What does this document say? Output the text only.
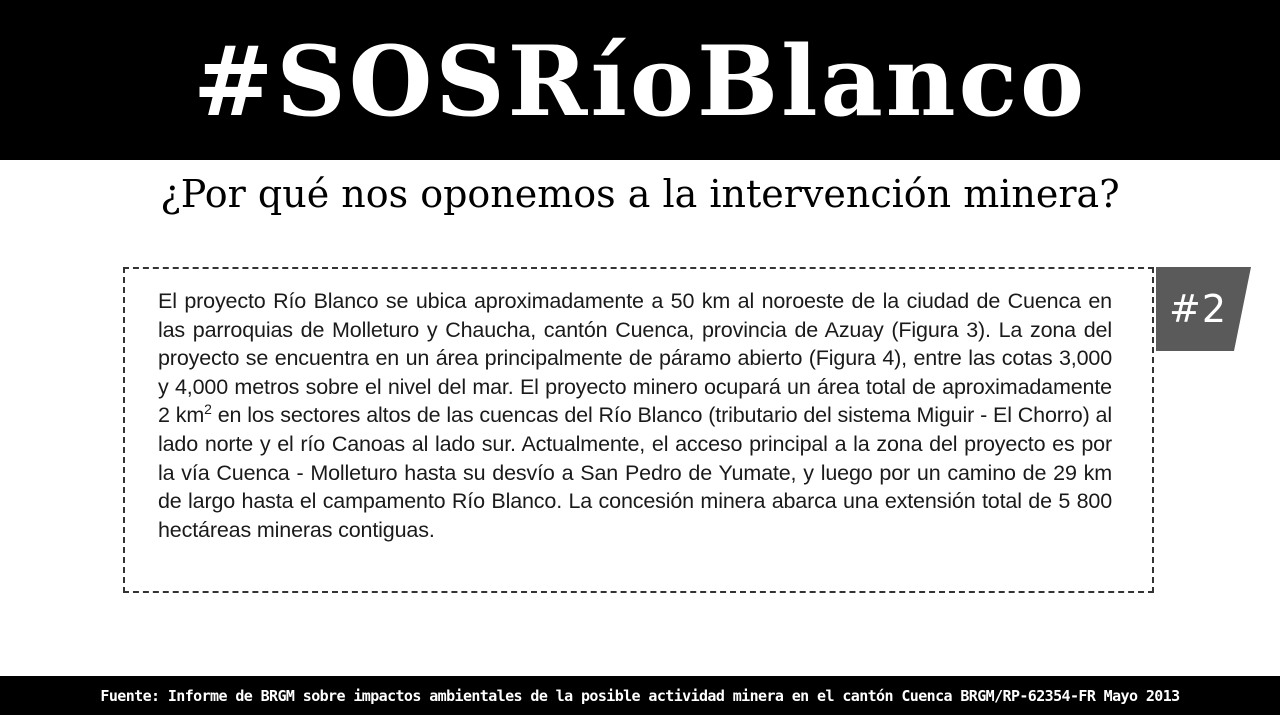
#SOSRíoBlanco
¿Por qué nos oponemos a la intervención minera?

El proyecto Río Blanco se ubica aproximadamente a 50 km al noroeste de la ciudad de Cuenca en las parroquias de Molleturo y Chaucha, cantón Cuenca, provincia de Azuay (Figura 3). La zona del proyecto se encuentra en un área principalmente de páramo abierto (Figura 4), entre las cotas 3,000 y 4,000 metros sobre el nivel del mar. El proyecto minero ocupará un área total de aproximadamente 2 $km^2$ en los sectores altos de las cuencas del Río Blanco (tributario del sistema Miguir - El Chorro) al lado norte y el río Canoas al lado sur. Actualmente, el acceso principal a la zona del proyecto es por la vía Cuenca - Molleturo hasta su desvío a San Pedro de Yumate, y luego por un camino de 29 km de largo hasta el campamento Río Blanco. La concesión minera abarca una extensión total de 5 800 hectáreas mineras contiguas.

#2
Fuente: Informe de BRGM sobre impactos ambientales de la posible actividad minera en el cantón Cuenca BRGM/RP-62354-FR Mayo 2013
